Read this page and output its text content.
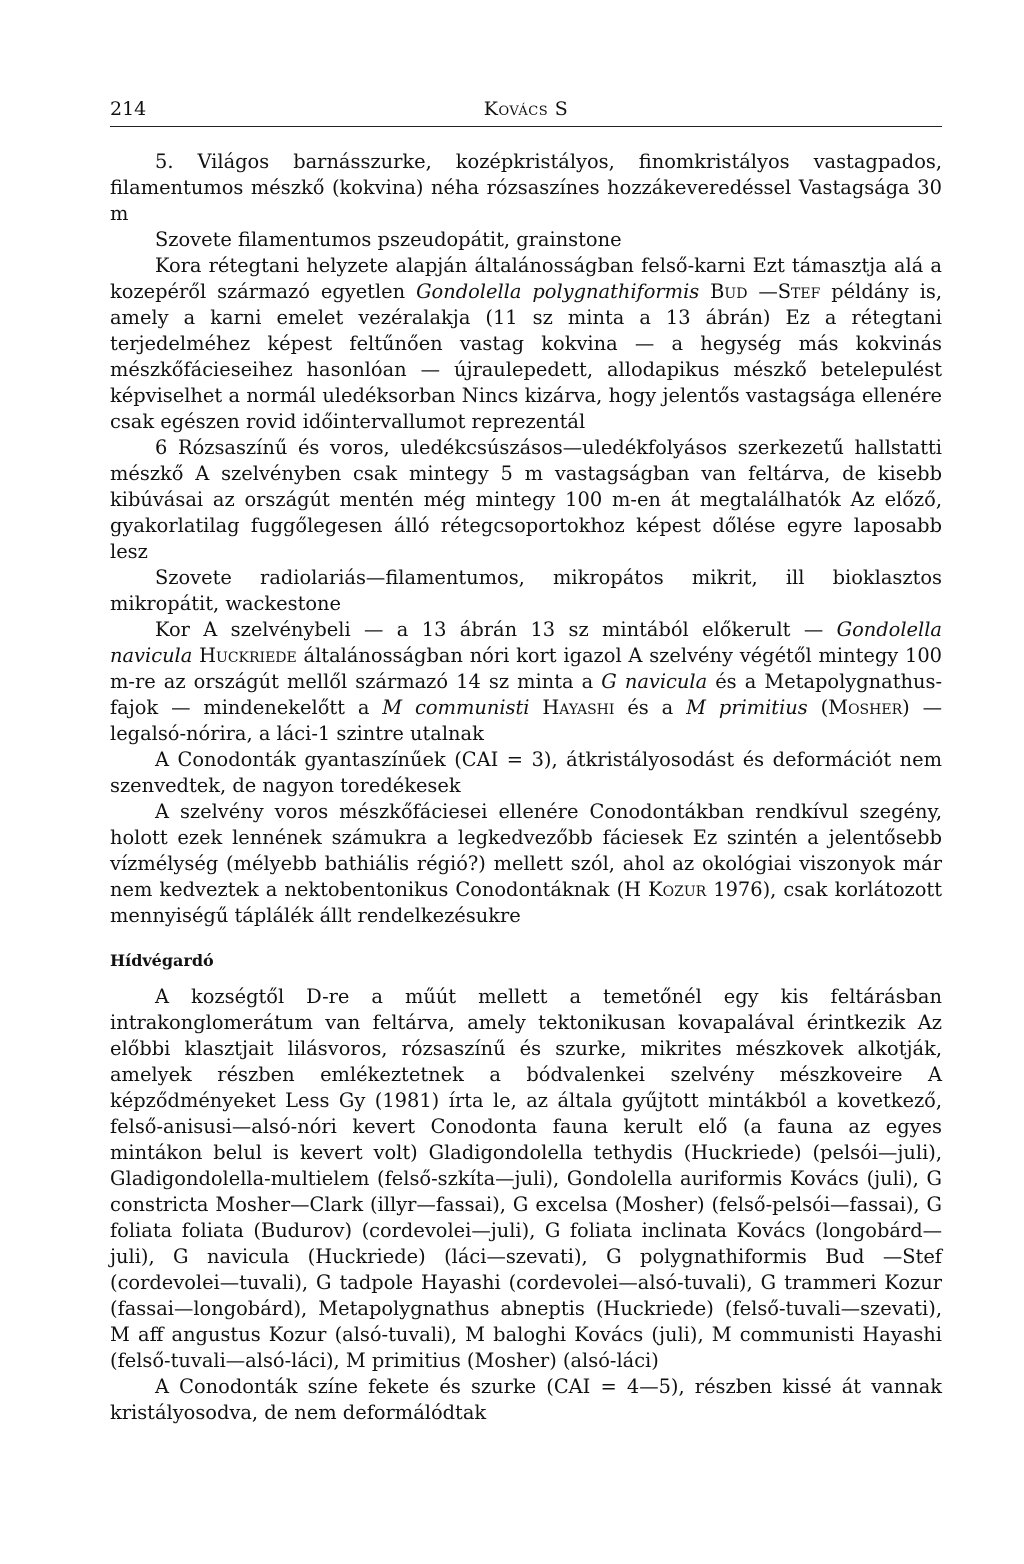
214	Kovács S

5. Világos barnásszurke, kozépkristályos, finomkristályos vastagpados, filamentumos mészkő (kokvina) néha rózsaszínes hozzákeveredéssel Vastagsága 30 m

Szovete filamentumos pszeudopátit, grainstone

Kora rétegtani helyzete alapján általánosságban felső-karni Ezt támasztja alá a kozepéről származó egyetlen Gondolella polygnathiformis Bud —Stef példány is, amely a karni emelet vezéralakja (11 sz minta a 13 ábrán) Ez a rétegtani terjedelméhez képest feltűnően vastag kokvina — a hegység más kokvinás mészkőfácieseihez hasonlóan — újraulepedett, allodapikus mészkő betelepulést képviselhet a normál uledéksorban Nincs kizárva, hogy jelentős vastagsága ellenére csak egészen rovid időintervallumot reprezentál

6 Rózsaszínű és voros, uledékcsúszásos—uledékfolyásos szerkezetű hallstatti mészkő A szelvényben csak mintegy 5 m vastagságban van feltárva, de kisebb kibúvásai az országút mentén még mintegy 100 m-en át megtalálhatók Az előző, gyakorlatilag fuggőlegesen álló rétegcsoportokhoz képest dőlése egyre laposabb lesz

Szovete radiolariás—filamentumos, mikropátos mikrit, ill bioklasztos mikropátit, wackestone

Kor A szelvénybeli — a 13 ábrán 13 sz mintából előkerult — Gondolella navicula Huckriede általánosságban nóri kort igazol A szelvény végétől mintegy 100 m-re az országút mellől származó 14 sz minta a G navicula és a Metapolygnathus-fajok — mindenekelőtt a M communisti Hayashi és a M primitius (Mosher) — legalsó-nórira, a láci-1 szintre utalnak

A Conodonták gyantaszínűek (CAI = 3), átkristályosodást és deformációt nem szenvedtek, de nagyon toredékesek

A szelvény voros mészkőfáciesei ellenére Conodontákban rendkívul szegény, holott ezek lennének számukra a legkedvezőbb fáciesek Ez szintén a jelentősebb vízmélység (mélyebb bathiális régió?) mellett szól, ahol az okológiai viszonyok már nem kedveztek a nektobentonikus Conodontáknak (H Kozur 1976), csak korlátozott mennyiségű táplálék állt rendelkezésukre

Hídvégardó

A kozségtől D-re a műút mellett a temetőnél egy kis feltárásban intrakonglomerátum van feltárva, amely tektonikusan kovapalával érintkezik Az előbbi klasztjait lilásvoros, rózsaszínű és szurke, mikrites mészkovek alkotják, amelyek részben emlékeztetnek a bódvalenkei szelvény mészkoveire A képződményeket Less Gy (1981) írta le, az általa gyűjtott mintákból a kovetkező, felső-anisusi—alsó-nóri kevert Conodonta fauna kerult elő (a fauna az egyes mintákon belul is kevert volt) Gladigondolella tethydis (Huckriede) (pelsói—juli), Gladigondolella-multielem (felső-szkíta—juli), Gondolella auriformis Kovács (juli), G constricta Mosher—Clark (illyr—fassai), G excelsa (Mosher) (felső-pelsói—fassai), G foliata foliata (Budurov) (cordevolei—juli), G foliata inclinata Kovács (longobárd—juli), G navicula (Huckriede) (láci—szevati), G polygnathiformis Bud —Stef (cordevolei—tuvali), G tadpole Hayashi (cordevolei—alsó-tuvali), G trammeri Kozur (fassai—longobárd), Metapolygnathus abneptis (Huckriede) (felső-tuvali—szevati), M aff angustus Kozur (alsó-tuvali), M baloghi Kovács (juli), M communisti Hayashi (felső-tuvali—alsó-láci), M primitius (Mosher) (alsó-láci)

A Conodonták színe fekete és szurke (CAI = 4—5), részben kissé át vannak kristályosodva, de nem deformálódtak
